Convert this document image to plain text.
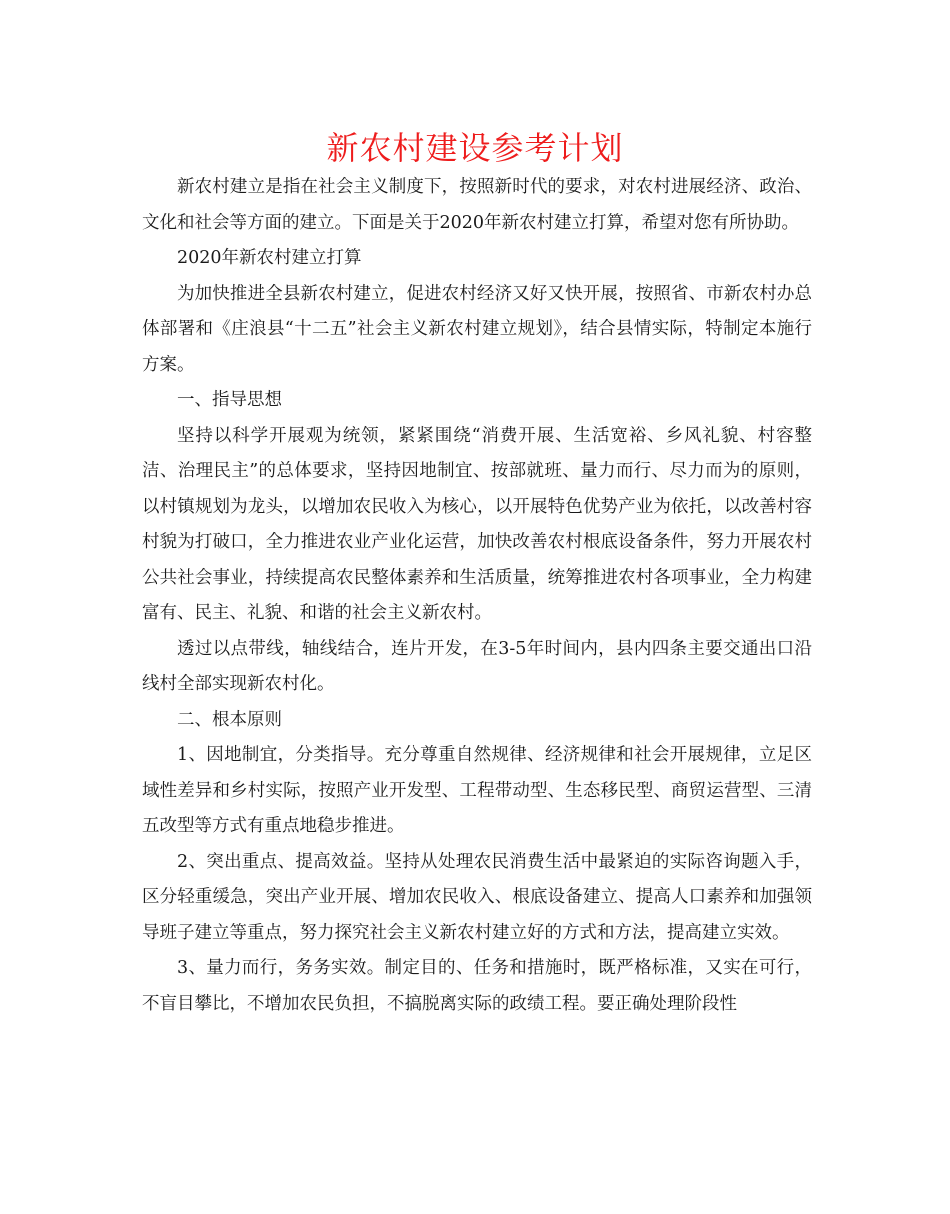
新农村建设参考计划

新农村建立是指在社会主义制度下，按照新时代的要求，对农村进展经济、政治、文化和社会等方面的建立。下面是关于2020年新农村建立打算，希望对您有所协助。

2020年新农村建立打算

为加快推进全县新农村建立，促进农村经济又好又快开展，按照省、市新农村办总体部署和《庄浪县“十二五”社会主义新农村建立规划》，结合县情实际，特制定本施行方案。

一、指导思想

坚持以科学开展观为统领，紧紧围绕“消费开展、生活宽裕、乡风礼貌、村容整洁、治理民主”的总体要求，坚持因地制宜、按部就班、量力而行、尽力而为的原则，以村镇规划为龙头，以增加农民收入为核心，以开展特色优势产业为依托，以改善村容村貌为打破口，全力推进农业产业化运营，加快改善农村根底设备条件，努力开展农村公共社会事业，持续提高农民整体素养和生活质量，统筹推进农村各项事业，全力构建富有、民主、礼貌、和谐的社会主义新农村。

透过以点带线，轴线结合，连片开发，在3-5年时间内，县内四条主要交通出口沿线村全部实现新农村化。

二、根本原则

1、因地制宜，分类指导。充分尊重自然规律、经济规律和社会开展规律，立足区域性差异和乡村实际，按照产业开发型、工程带动型、生态移民型、商贸运营型、三清五改型等方式有重点地稳步推进。

2、突出重点、提高效益。坚持从处理农民消费生活中最紧迫的实际咨询题入手，区分轻重缓急，突出产业开展、增加农民收入、根底设备建立、提高人口素养和加强领导班子建立等重点，努力探究社会主义新农村建立好的方式和方法，提高建立实效。

3、量力而行，务务实效。制定目的、任务和措施时，既严格标准，又实在可行，不盲目攀比，不增加农民负担，不搞脱离实际的政绩工程。要正确处理阶段性
